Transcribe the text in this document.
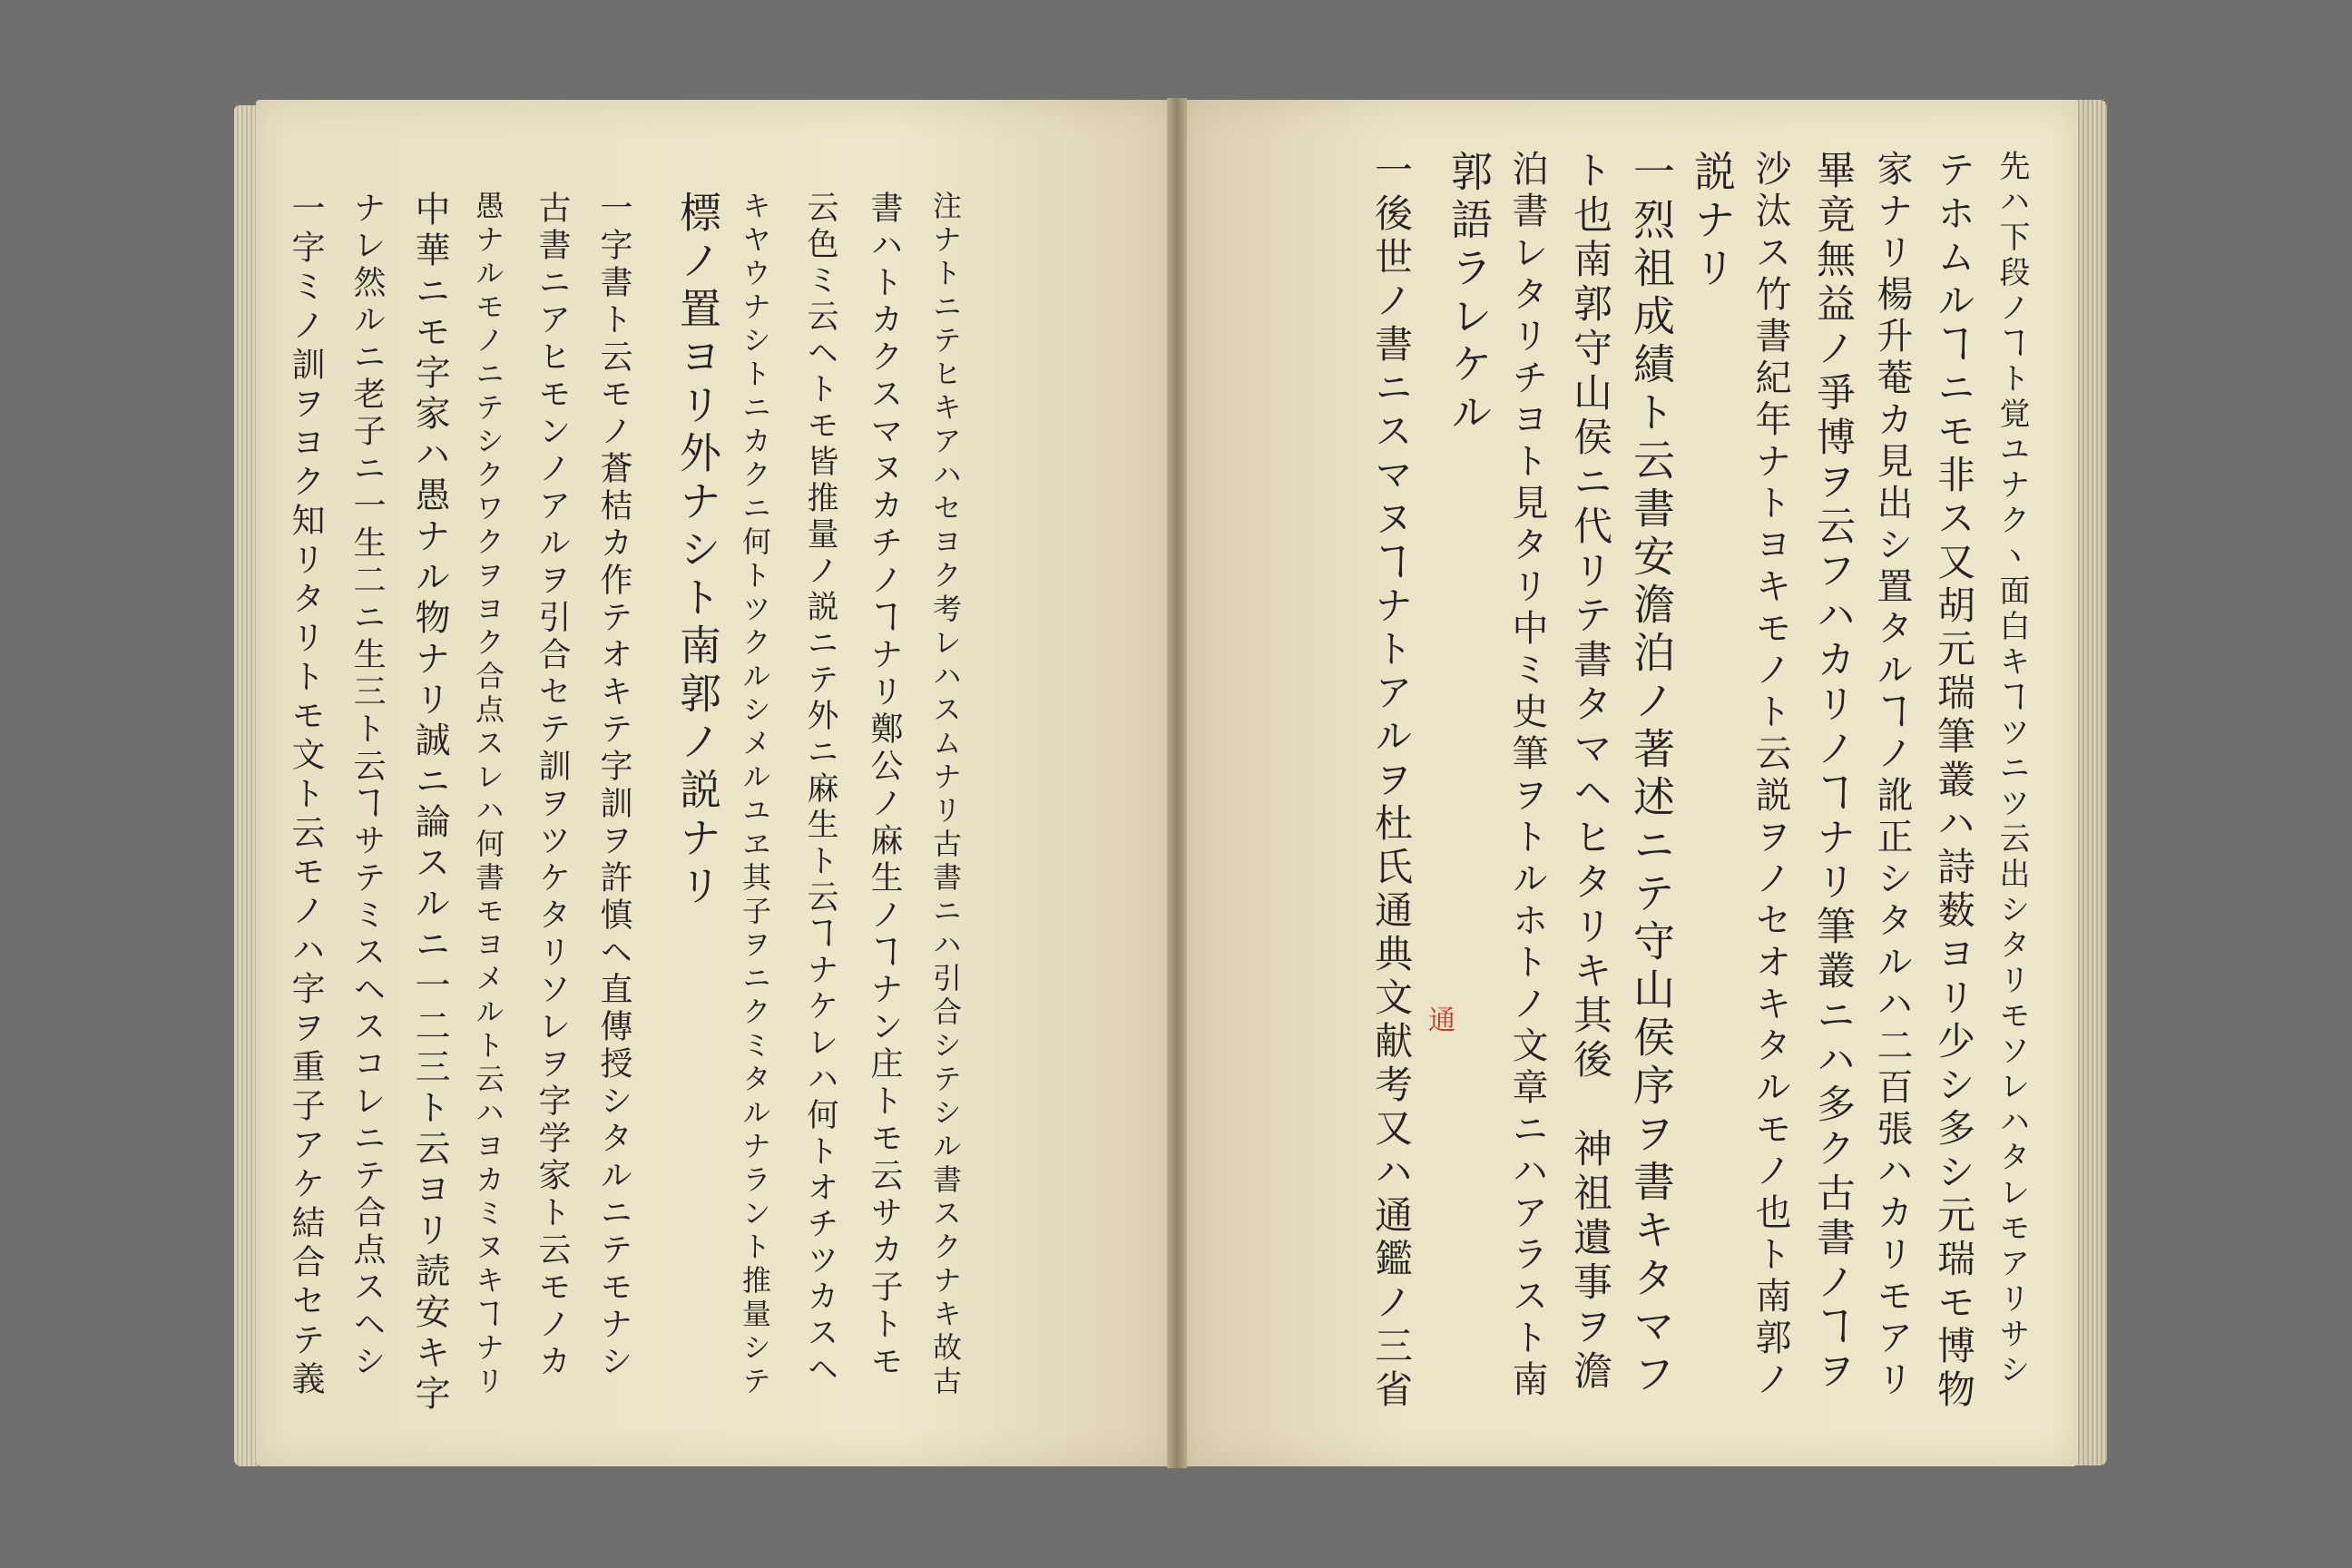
先ハ下段ノヿト覚ユナクヽ面白キヿツニツ云出シタリモソレハタレモアリサシ
テホムルヿニモ非ス又胡元瑞筆叢ハ詩薮ヨリ少シ多シ元瑞モ博物
家ナリ楊升菴カ見出シ置タルヿノ訛正シタルハ二百張ハカリモアリ
畢竟無益ノ爭博ヲ云フハカリノヿナリ筆叢ニハ多ク古書ノヿヲ
沙汰ス竹書紀年ナトヨキモノト云説ヲノセオキタルモノ也ト南郭ノ
説ナリ
一烈祖成績ト云書安澹泊ノ著述ニテ守山侯序ヲ書キタマフ
ト也南郭守山侯ニ代リテ書タマヘヒタリキ其後　神祖遺事ヲ澹
泊書レタリチヨト見タリ中ミ史筆ヲトルホトノ文章ニハアラスト南
郭語ラレケル
一後世ノ書ニスマヌヿナトアルヲ杜氏通典文献考又ハ通鑑ノ三省 通
注ナトニテヒキアハセヨク考レハスムナリ古書ニハ引合シテシル書スクナキ故古
書ハトカクスマヌカチノヿナリ鄭公ノ麻生ノヿナン庄トモ云サカ子トモ
云色ミ云ヘトモ皆推量ノ説ニテ外ニ麻生ト云ヿナケレハ何トオチツカスヘ
キヤウナシトニカクニ何トツクルシメルユヱ其子ヲニクミタルナラント推量シテ
標ノ置ヨリ外ナシト南郭ノ説ナリ
一字書ト云モノ蒼桔カ作テオキテ字訓ヲ許慎ヘ直傳授シタルニテモナシ
古書ニアヒモンノアルヲ引合セテ訓ヲツケタリソレヲ字学家ト云モノカ
愚ナルモノニテシクワクヲヨク合点スレハ何書モヨメルト云ハヨカミヌキヿナリ
中華ニモ字家ハ愚ナル物ナリ誠ニ論スルニ一二三ト云ヨリ読安キ字
ナレ然ルニ老子ニ一生二ニ生三ト云ヿサテミスヘスコレニテ合点スヘシ
一字ミノ訓ヲヨク知リタリトモ文ト云モノハ字ヲ重子アケ結合セテ義
